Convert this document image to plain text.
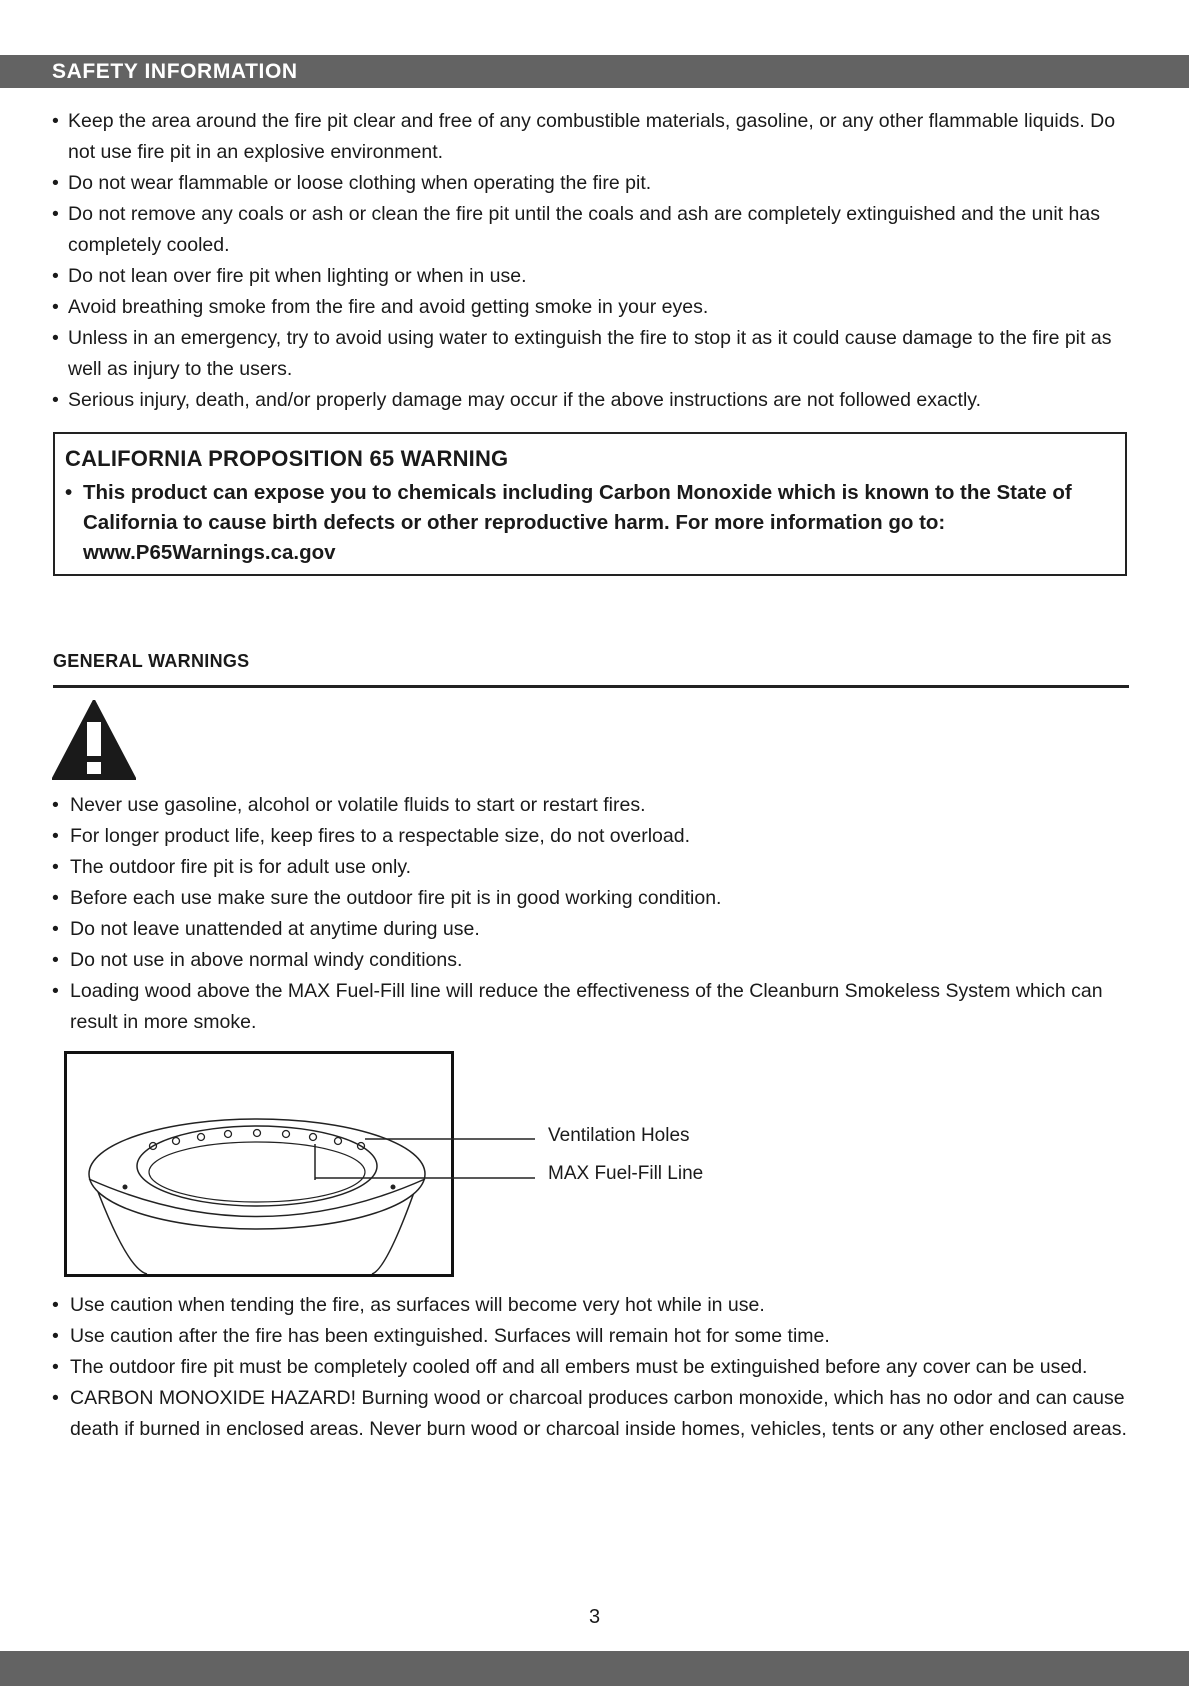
SAFETY INFORMATION
• Keep the area around the fire pit clear and free of any combustible materials, gasoline, or any other flammable liquids. Do not use fire pit in an explosive environment.
• Do not wear flammable or loose clothing when operating the fire pit.
• Do not remove any coals or ash or clean the fire pit until the coals and ash are completely extinguished and the unit has completely cooled.
• Do not lean over fire pit when lighting or when in use.
• Avoid breathing smoke from the fire and avoid getting smoke in your eyes.
• Unless in an emergency, try to avoid using water to extinguish the fire to stop it as it could cause damage to the fire pit as well as injury to the users.
• Serious injury, death, and/or properly damage may occur if the above instructions are not followed exactly.
CALIFORNIA PROPOSITION 65 WARNING
• This product can expose you to chemicals including Carbon Monoxide which is known to the State of California to cause birth defects or other reproductive harm. For more information go to: www.P65Warnings.ca.gov
GENERAL WARNINGS
• Never use gasoline, alcohol or volatile fluids to start or restart fires.
• For longer product life, keep fires to a respectable size, do not overload.
• The outdoor fire pit is for adult use only.
• Before each use make sure the outdoor fire pit is in good working condition.
• Do not leave unattended at anytime during use.
• Do not use in above normal windy conditions.
• Loading wood above the MAX Fuel-Fill line will reduce the effectiveness of the Cleanburn Smokeless System which can result in more smoke.
Ventilation Holes
MAX Fuel-Fill Line
• Use caution when tending the fire, as surfaces will become very hot while in use.
• Use caution after the fire has been extinguished. Surfaces will remain hot for some time.
• The outdoor fire pit must be completely cooled off and all embers must be extinguished before any cover can be used.
• CARBON MONOXIDE HAZARD! Burning wood or charcoal produces carbon monoxide, which has no odor and can cause death if burned in enclosed areas. Never burn wood or charcoal inside homes, vehicles, tents or any other enclosed areas.
3
